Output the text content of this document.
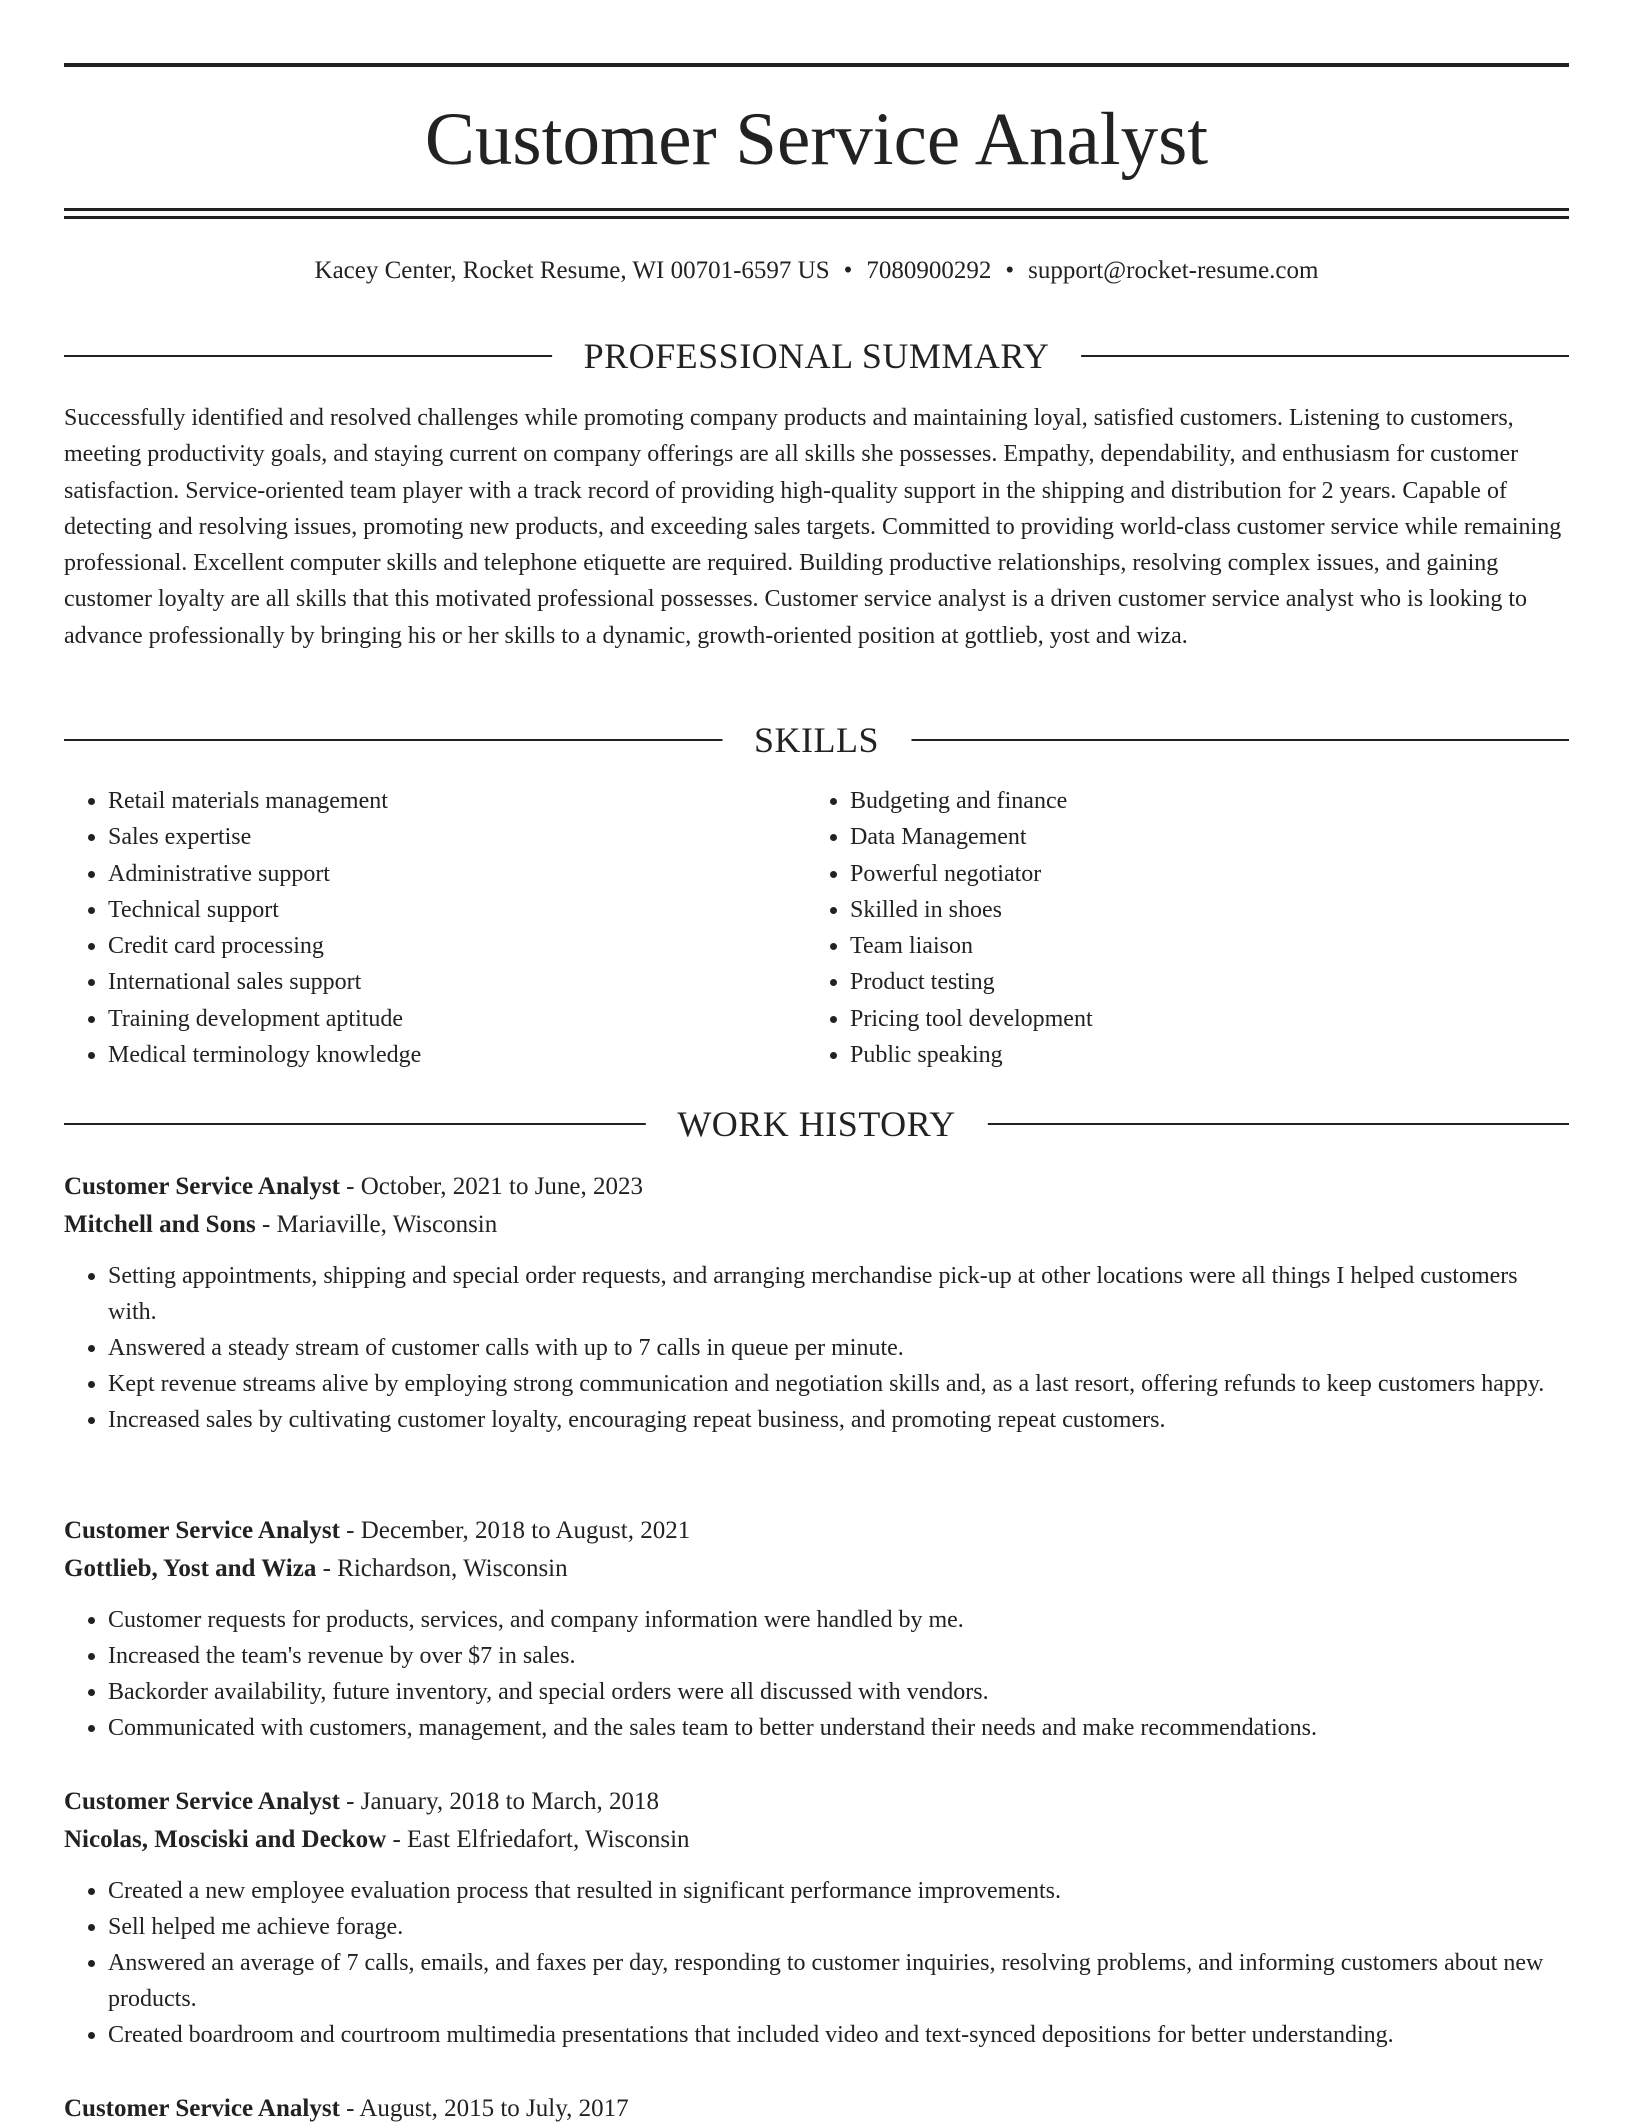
Customer Service Analyst
Kacey Center, Rocket Resume, WI 00701-6597 US • 7080900292 • support@rocket-resume.com
PROFESSIONAL SUMMARY

Successfully identified and resolved challenges while promoting company products and maintaining loyal, satisfied customers. Listening to customers, meeting productivity goals, and staying current on company offerings are all skills she possesses. Empathy, dependability, and enthusiasm for customer satisfaction. Service-oriented team player with a track record of providing high-quality support in the shipping and distribution for 2 years. Capable of detecting and resolving issues, promoting new products, and exceeding sales targets. Committed to providing world-class customer service while remaining professional. Excellent computer skills and telephone etiquette are required. Building productive relationships, resolving complex issues, and gaining customer loyalty are all skills that this motivated professional possesses. Customer service analyst is a driven customer service analyst who is looking to advance professionally by bringing his or her skills to a dynamic, growth-oriented position at gottlieb, yost and wiza.

SKILLS
• Retail materials management
• Sales expertise
• Administrative support
• Technical support
• Credit card processing
• International sales support
• Training development aptitude
• Medical terminology knowledge
• Budgeting and finance
• Data Management
• Powerful negotiator
• Skilled in shoes
• Team liaison
• Product testing
• Pricing tool development
• Public speaking
WORK HISTORY
Customer Service Analyst - October, 2021 to June, 2023
Mitchell and Sons - Mariaville, Wisconsin
• Setting appointments, shipping and special order requests, and arranging merchandise pick-up at other locations were all things I helped customers with.
• Answered a steady stream of customer calls with up to 7 calls in queue per minute.
• Kept revenue streams alive by employing strong communication and negotiation skills and, as a last resort, offering refunds to keep customers happy.
• Increased sales by cultivating customer loyalty, encouraging repeat business, and promoting repeat customers.
Customer Service Analyst - December, 2018 to August, 2021
Gottlieb, Yost and Wiza - Richardson, Wisconsin
• Customer requests for products, services, and company information were handled by me.
• Increased the team's revenue by over $7 in sales.
• Backorder availability, future inventory, and special orders were all discussed with vendors.
• Communicated with customers, management, and the sales team to better understand their needs and make recommendations.
Customer Service Analyst - January, 2018 to March, 2018
Nicolas, Mosciski and Deckow - East Elfriedafort, Wisconsin
• Created a new employee evaluation process that resulted in significant performance improvements.
• Sell helped me achieve forage.
• Answered an average of 7 calls, emails, and faxes per day, responding to customer inquiries, resolving problems, and informing customers about new products.
• Created boardroom and courtroom multimedia presentations that included video and text-synced depositions for better understanding.
Customer Service Analyst - August, 2015 to July, 2017
